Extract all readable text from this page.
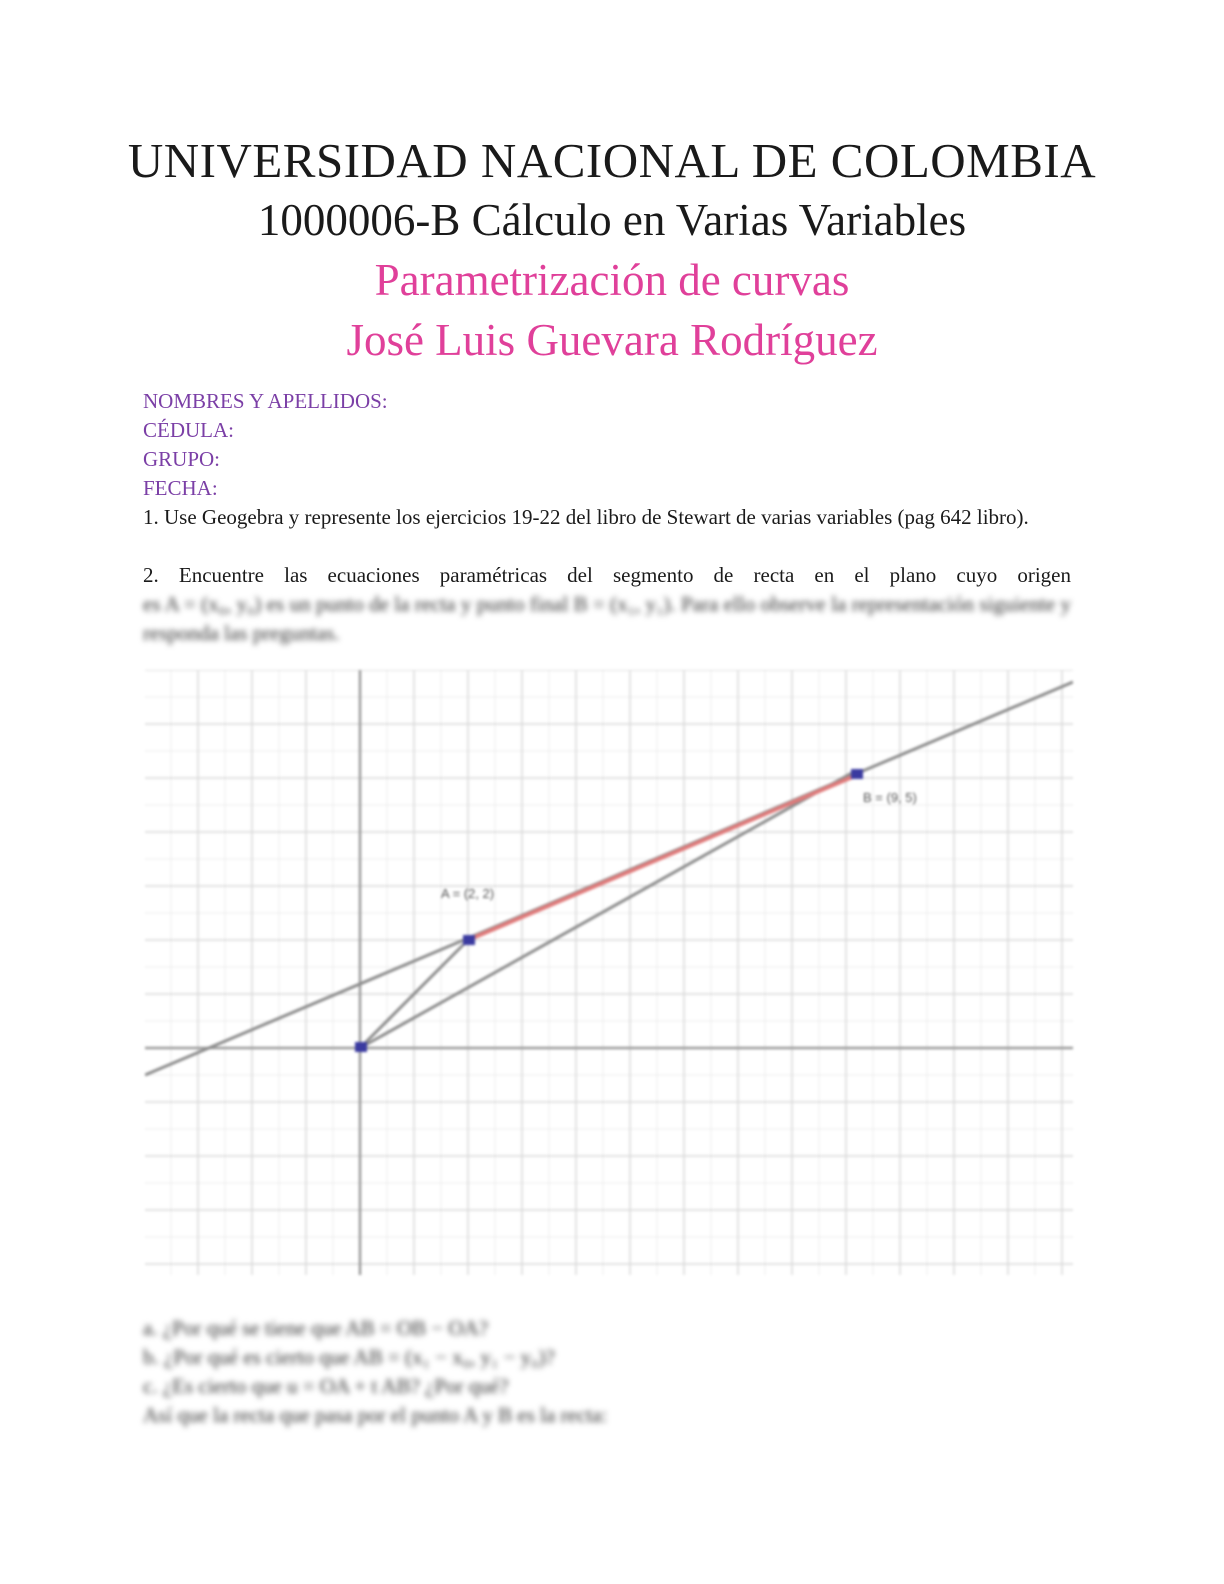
UNIVERSIDAD NACIONAL DE COLOMBIA
1000006-B Cálculo en Varias Variables
Parametrización de curvas
José Luis Guevara Rodríguez

NOMBRES Y APELLIDOS:

CÉDULA:

GRUPO:

FECHA:

1. Use Geogebra y represente los ejercicios 19-22 del libro de Stewart de varias variables (pag 642 libro).

2. Encuentre las ecuaciones paramétricas del segmento de recta en el plano cuyo origen

es A = (x₀, y₀) es un punto de la recta y punto final B = (x₁, y₁). Para ello observe la representación siguiente y responda las preguntas.

A = (2, 2)
B = (9, 5)

a. ¿Por qué se tiene que AB = OB − OA?

b. ¿Por qué es cierto que AB = (x₁ − x₀, y₁ − y₀)?

c. ¿Es cierto que u = OA + t AB? ¿Por qué?

Así que la recta que pasa por el punto A y B es la recta:
